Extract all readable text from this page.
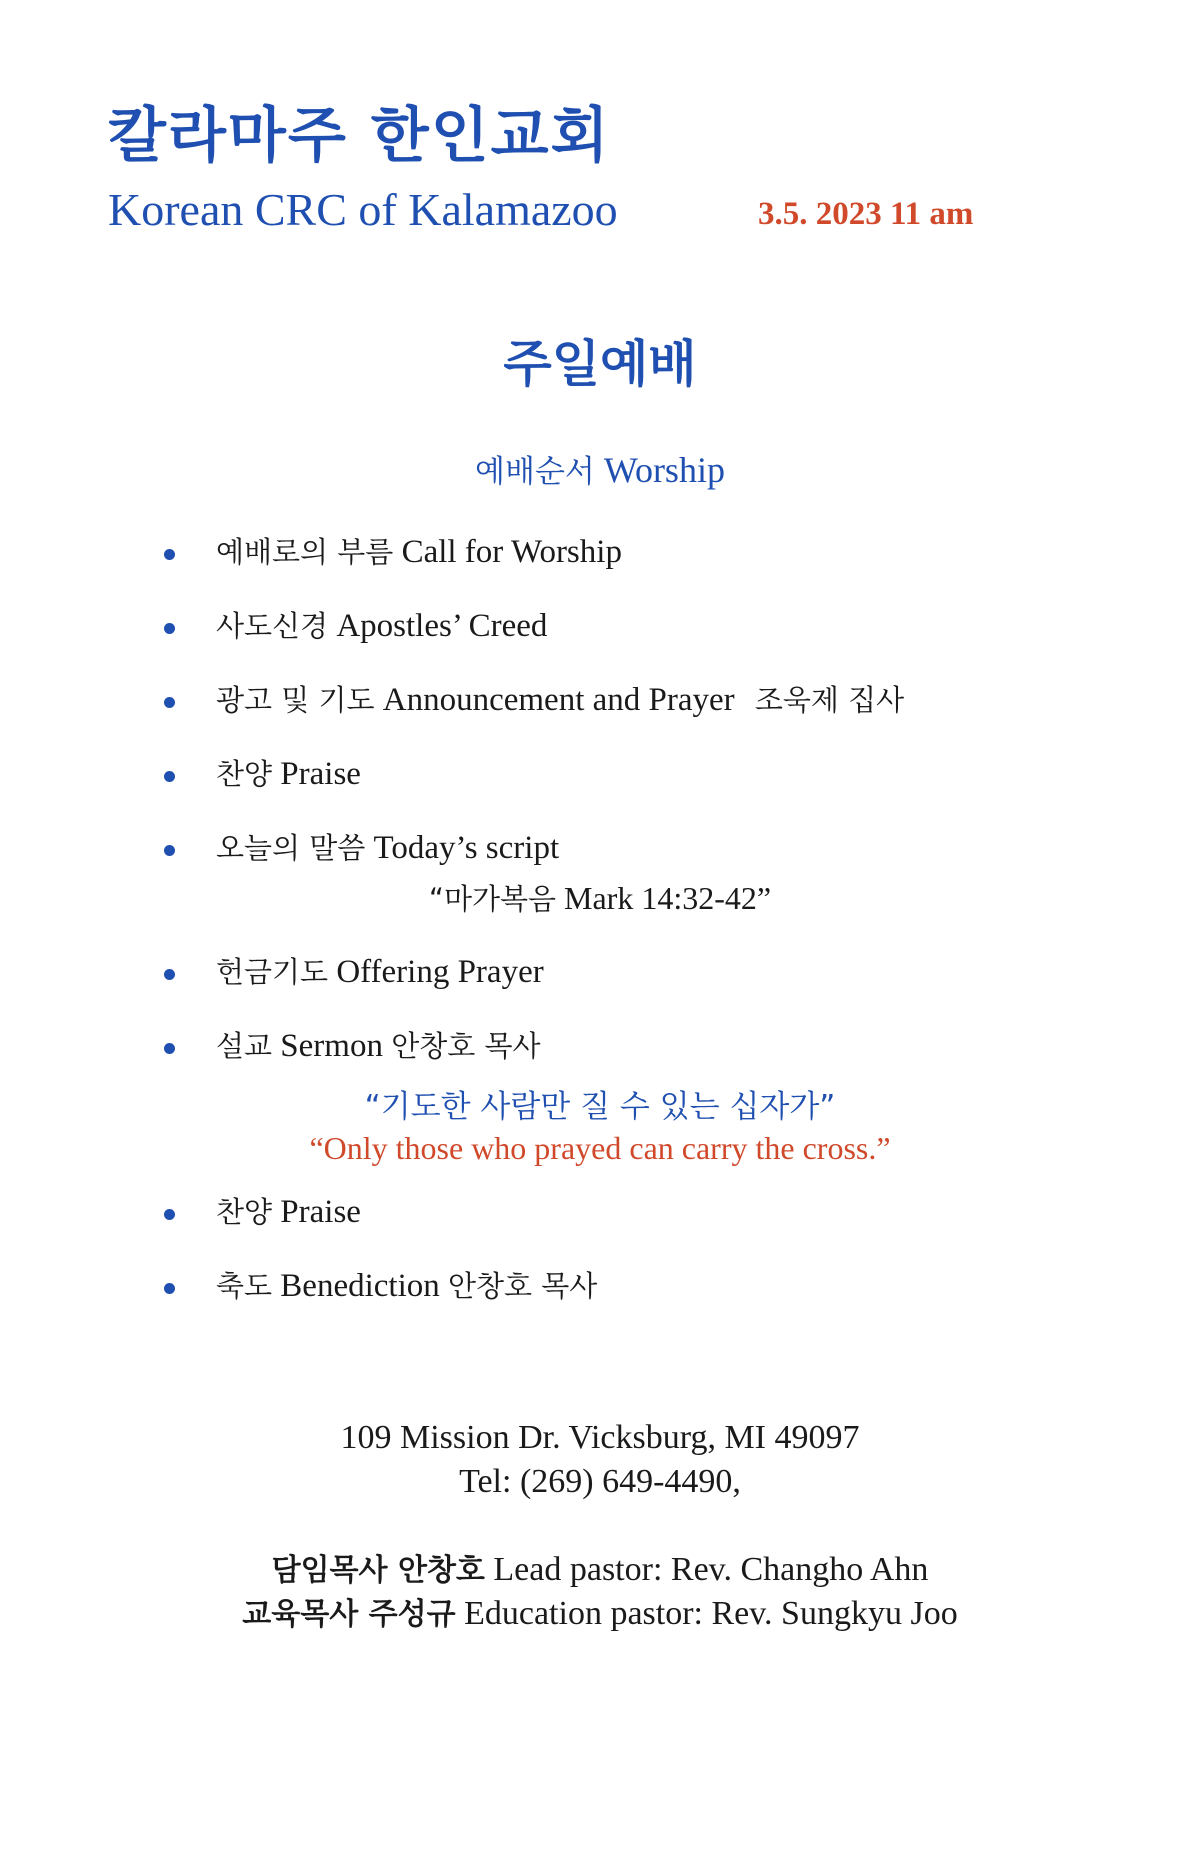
칼라마주 한인교회
Korean CRC of Kalamazoo	3.5. 2023 11 am
주일예배
예배순서 Worship
예배로의 부름 Call for Worship
사도신경 Apostles’ Creed
광고 및 기도 Announcement and Prayer 조욱제 집사
찬양 Praise
오늘의 말씀 Today’s script
“마가복음 Mark 14:32-42”
헌금기도 Offering Prayer
설교 Sermon 안창호 목사
“기도한 사람만 질 수 있는 십자가”
“Only those who prayed can carry the cross.”
찬양 Praise
축도 Benediction 안창호 목사
109 Mission Dr. Vicksburg, MI 49097
Tel: (269) 649-4490,
담임목사 안창호 Lead pastor: Rev. Changho Ahn
교육목사 주성규 Education pastor: Rev. Sungkyu Joo
